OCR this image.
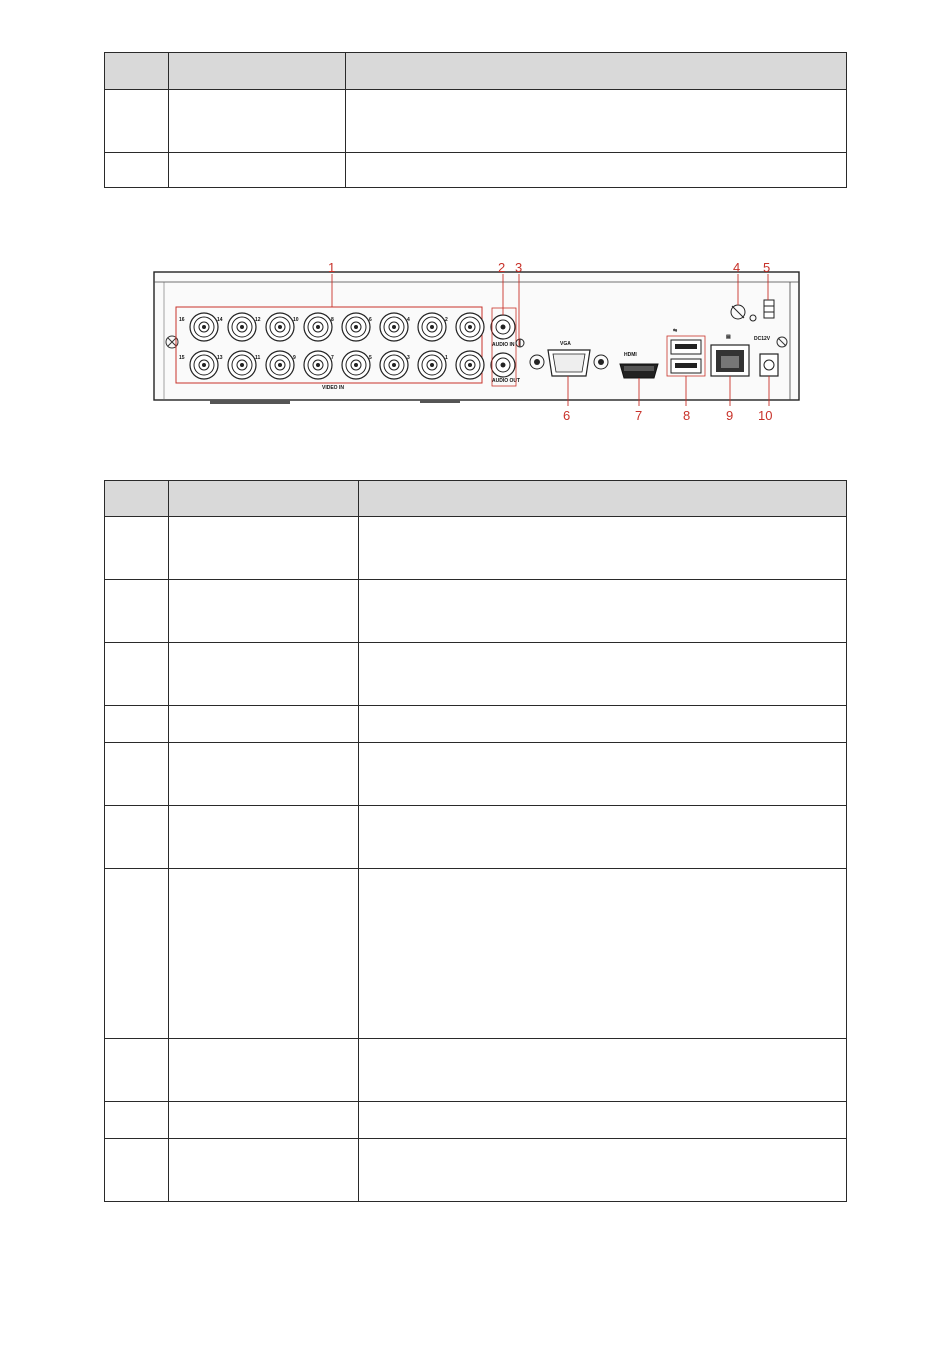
16	14	12	10	8	6	4	2
15	13	11	9	7	5	3	1
VIDEO IN
AUDIO IN
AUDIO OUT
VGA
HDMI
⇋
▤	DC12V
1	2 3	4 5
6	7	8	9 10
